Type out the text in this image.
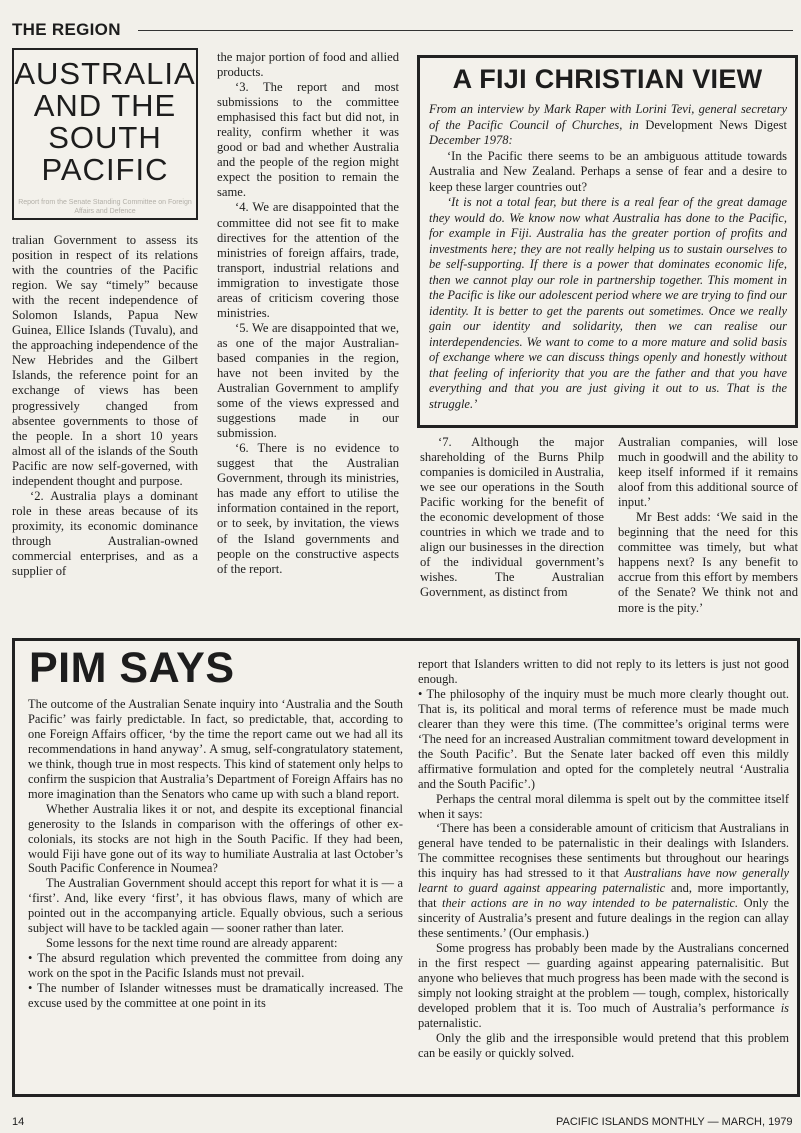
THE REGION
AUSTRALIA
AND THE
SOUTH
PACIFIC
Report from the Senate Standing Committee on Foreign Affairs and Defence

tralian Government to assess its position in respect of its relations with the countries of the Pacific region. We say “timely” because with the recent independence of Solomon Islands, Papua New Guinea, Ellice Islands (Tuvalu), and the approaching independence of the New Hebrides and the Gilbert Islands, the reference point for an exchange of views has been progressively changed from absentee governments to those of the people. In a short 10 years almost all of the islands of the South Pacific are now self-governed, with independent thought and purpose.

‘2. Australia plays a dominant role in these areas because of its proximity, its economic dominance through Australian-owned commercial enterprises, and as a supplier of

the major portion of food and allied products.

‘3. The report and most submissions to the committee emphasised this fact but did not, in reality, confirm whether it was good or bad and whether Australia and the people of the region might expect the position to remain the same.

‘4. We are disappointed that the committee did not see fit to make directives for the attention of the ministries of foreign affairs, trade, transport, industrial relations and immigration to investigate those areas of criticism covering those ministries.

‘5. We are disappointed that we, as one of the major Australian-based companies in the region, have not been invited by the Australian Government to amplify some of the views expressed and suggestions made in our submission.

‘6. There is no evidence to suggest that the Australian Government, through its ministries, has made any effort to utilise the information contained in the report, or to seek, by invitation, the views of the Island governments and people on the constructive aspects of the report.

A FIJI CHRISTIAN VIEW

From an interview by Mark Raper with Lorini Tevi, general secretary of the Pacific Council of Churches, in Development News Digest December 1978:

‘In the Pacific there seems to be an ambiguous attitude towards Australia and New Zealand. Perhaps a sense of fear and a desire to keep these larger countries out?

‘It is not a total fear, but there is a real fear of the great damage they would do. We know now what Australia has done to the Pacific, for example in Fiji. Australia has the greater portion of profits and investments here; they are not really helping us to sustain ourselves to be self-supporting. If there is a power that dominates economic life, then we cannot play our role in partnership together. This moment in the Pacific is like our adolescent period where we are trying to find our identity. It is better to get the parents out sometimes. Once we really gain our identity and solidarity, then we can realise our interdependencies. We want to come to a more mature and solid basis of exchange where we can discuss things openly and honestly without that feeling of inferiority that you are the father and that you have everything and that you are just giving it out to us. That is the struggle.’

‘7. Although the major shareholding of the Burns Philp companies is domiciled in Australia, we see our operations in the South Pacific working for the benefit of the economic development of those countries in which we trade and to align our businesses in the direction of the individual government’s wishes. The Australian Government, as distinct from

Australian companies, will lose much in goodwill and the ability to keep itself informed if it remains aloof from this additional source of input.’

Mr Best adds: ‘We said in the beginning that the need for this committee was timely, but what happens next? Is any benefit to accrue from this effort by members of the Senate? We think not and more is the pity.’

PIM SAYS

The outcome of the Australian Senate inquiry into ‘Australia and the South Pacific’ was fairly predictable. In fact, so predictable, that, according to one Foreign Affairs officer, ‘by the time the report came out we had all its recommendations in hand anyway’. A smug, self-congratulatory statement, we think, though true in most respects. This kind of statement only helps to confirm the suspicion that Australia’s Department of Foreign Affairs has no more imagination than the Senators who came up with such a bland report.

Whether Australia likes it or not, and despite its exceptional financial generosity to the Islands in comparison with the offerings of other ex-colonials, its stocks are not high in the South Pacific. If they had been, would Fiji have gone out of its way to humiliate Australia at last October’s South Pacific Conference in Noumea?

The Australian Government should accept this report for what it is — a ‘first’. And, like every ‘first’, it has obvious flaws, many of which are pointed out in the accompanying article. Equally obvious, such a serious subject will have to be tackled again — sooner rather than later.

Some lessons for the next time round are already apparent:

• The absurd regulation which prevented the committee from doing any work on the spot in the Pacific Islands must not prevail.

• The number of Islander witnesses must be dramatically increased. The excuse used by the committee at one point in its

report that Islanders written to did not reply to its letters is just not good enough.

• The philosophy of the inquiry must be much more clearly thought out. That is, its political and moral terms of reference must be made much clearer than they were this time. (The committee’s original terms were ‘The need for an increased Australian commitment toward development in the South Pacific’. But the Senate later backed off even this mildly affirmative formulation and opted for the completely neutral ‘Australia and the South Pacific’.)

Perhaps the central moral dilemma is spelt out by the committee itself when it says:

‘There has been a considerable amount of criticism that Australians in general have tended to be paternalistic in their dealings with Islanders. The committee recognises these sentiments but throughout our hearings this inquiry has had stressed to it that Australians have now generally learnt to guard against appearing paternalistic and, more importantly, that their actions are in no way intended to be paternalistic. Only the sincerity of Australia’s present and future dealings in the region can allay these sentiments.’ (Our emphasis.)

Some progress has probably been made by the Australians concerned in the first respect — guarding against appearing paternalisitic. But anyone who believes that much progress has been made with the second is simply not looking straight at the problem — tough, complex, historically developed problem that it is. Too much of Australia’s performance is paternalistic.

Only the glib and the irresponsible would pretend that this problem can be easily or quickly solved.

14	PACIFIC ISLANDS MONTHLY — MARCH, 1979
